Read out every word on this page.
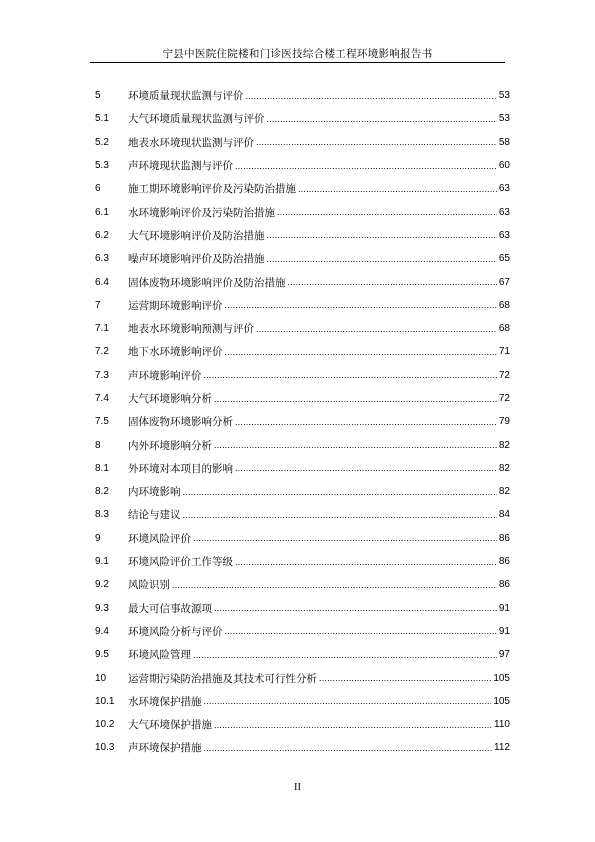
宁县中医院住院楼和门诊医技综合楼工程环境影响报告书
5	环境质量现状监测与评价 .....	53
5.1	大气环境质量现状监测与评价 .....	53
5.2	地表水环境现状监测与评价 .....	58
5.3	声环境现状监测与评价 .....	60
6	施工期环境影响评价及污染防治措施 .....	63
6.1	水环境影响评价及污染防治措施 .....	63
6.2	大气环境影响评价及防治措施 .....	63
6.3	噪声环境影响评价及防治措施 .....	65
6.4	固体废物环境影响评价及防治措施 .....	67
7	运营期环境影响评价 .....	68
7.1	地表水环境影响预测与评价 .....	68
7.2	地下水环境影响评价 .....	71
7.3	声环境影响评价 .....	72
7.4	大气环境影响分析 .....	72
7.5	固体废物环境影响分析 .....	79
8	内外环境影响分析 .....	82
8.1	外环境对本项目的影响 .....	82
8.2	内环境影响 .....	82
8.3	结论与建议 .....	84
9	环境风险评价 .....	86
9.1	环境风险评价工作等级 .....	86
9.2	风险识别 .....	86
9.3	最大可信事故源项 .....	91
9.4	环境风险分析与评价 .....	91
9.5	环境风险管理 .....	97
10	运营期污染防治措施及其技术可行性分析 .....	105
10.1	水环境保护措施 .....	105
10.2	大气环境保护措施 .....	110
10.3	声环境保护措施 .....	112
II
